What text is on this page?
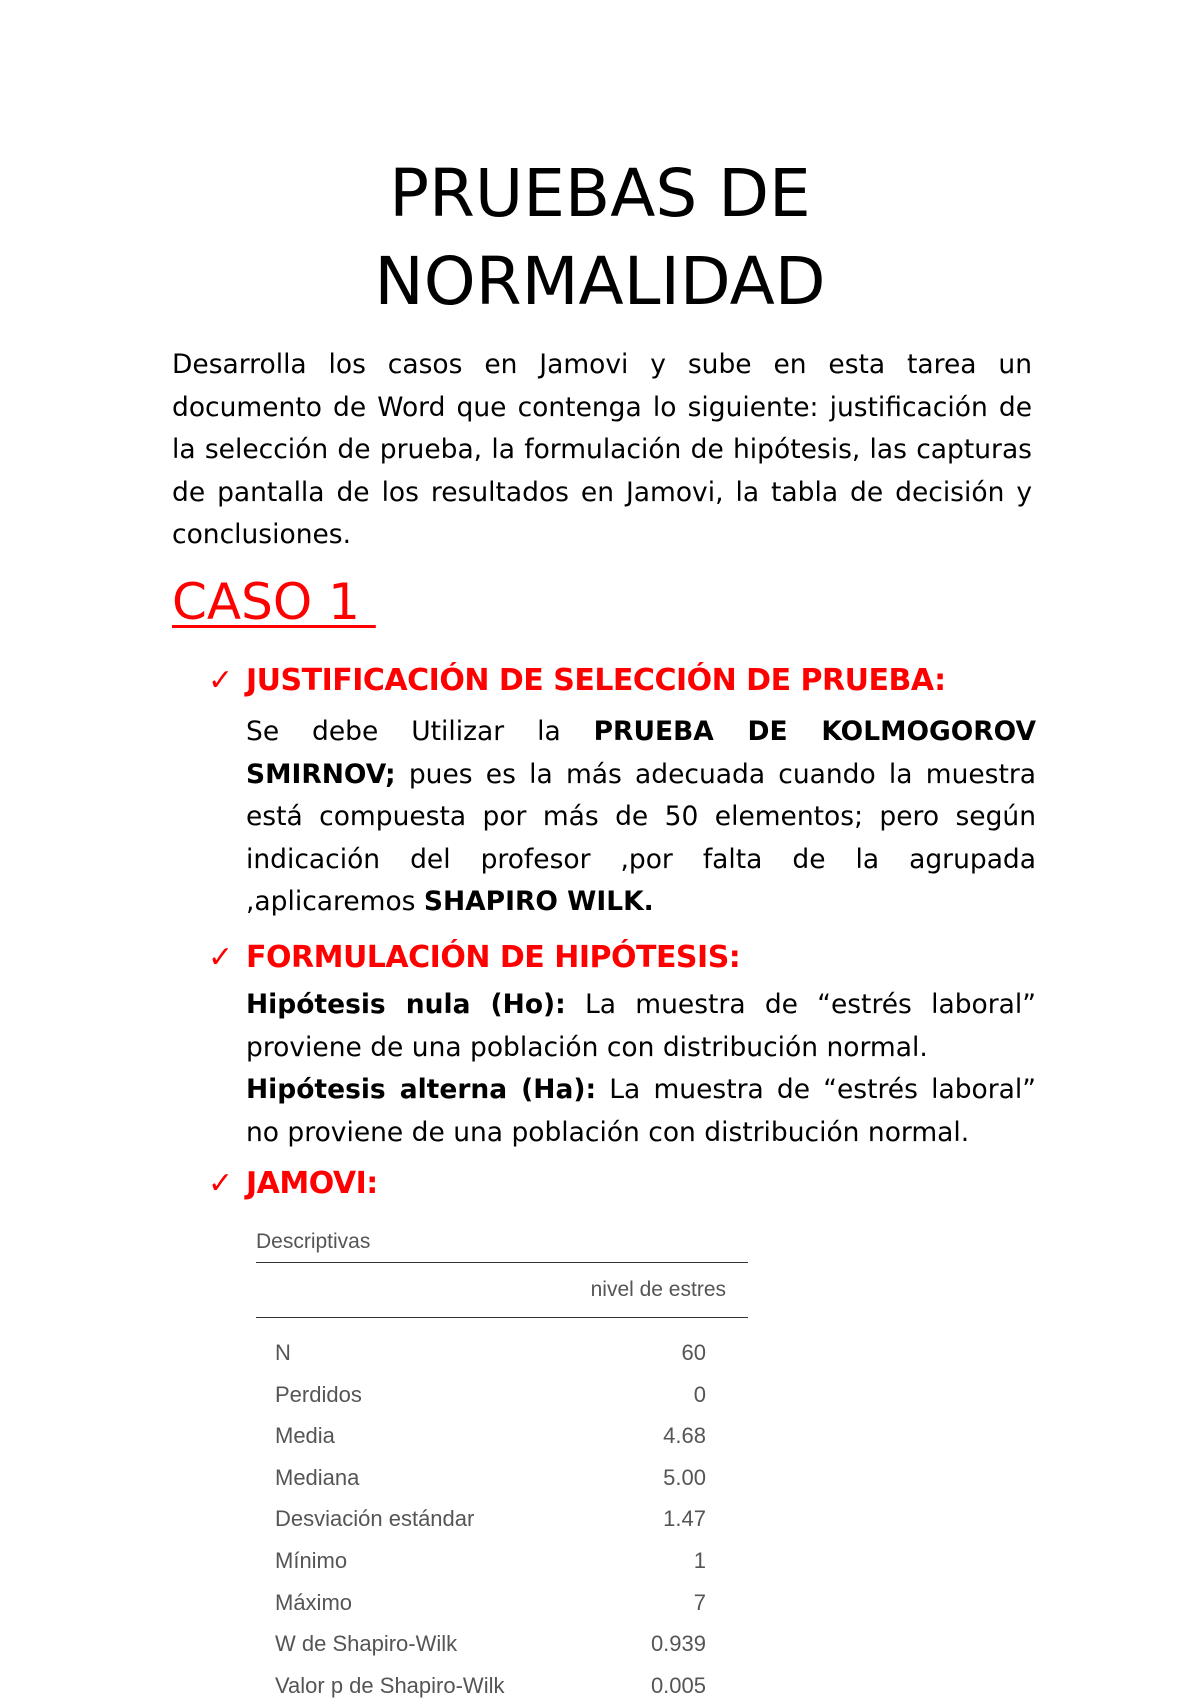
PRUEBAS DE
NORMALIDAD

Desarrolla los casos en Jamovi y sube en esta tarea un documento de Word que contenga lo siguiente: justificación de la selección de prueba, la formulación de hipótesis, las capturas de pantalla de los resultados en Jamovi, la tabla de decisión y conclusiones.

CASO 1
✓ JUSTIFICACIÓN DE SELECCIÓN DE PRUEBA:
Se debe Utilizar la PRUEBA DE KOLMOGOROV SMIRNOV; pues es la más adecuada cuando la muestra está compuesta por más de 50 elementos; pero según indicación del profesor ,por falta de la agrupada ,aplicaremos SHAPIRO WILK.
✓ FORMULACIÓN DE HIPÓTESIS:

Hipótesis nula (Ho): La muestra de “estrés laboral” proviene de una población con distribución normal.

Hipótesis alterna (Ha): La muestra de “estrés laboral” no proviene de una población con distribución normal.

✓ JAMOVI:
Descriptivas
nivel de estres
N	60
Perdidos	0
Media	4.68
Mediana	5.00
Desviación estándar	1.47
Mínimo	1
Máximo	7
W de Shapiro-Wilk	0.939
Valor p de Shapiro-Wilk	0.005
